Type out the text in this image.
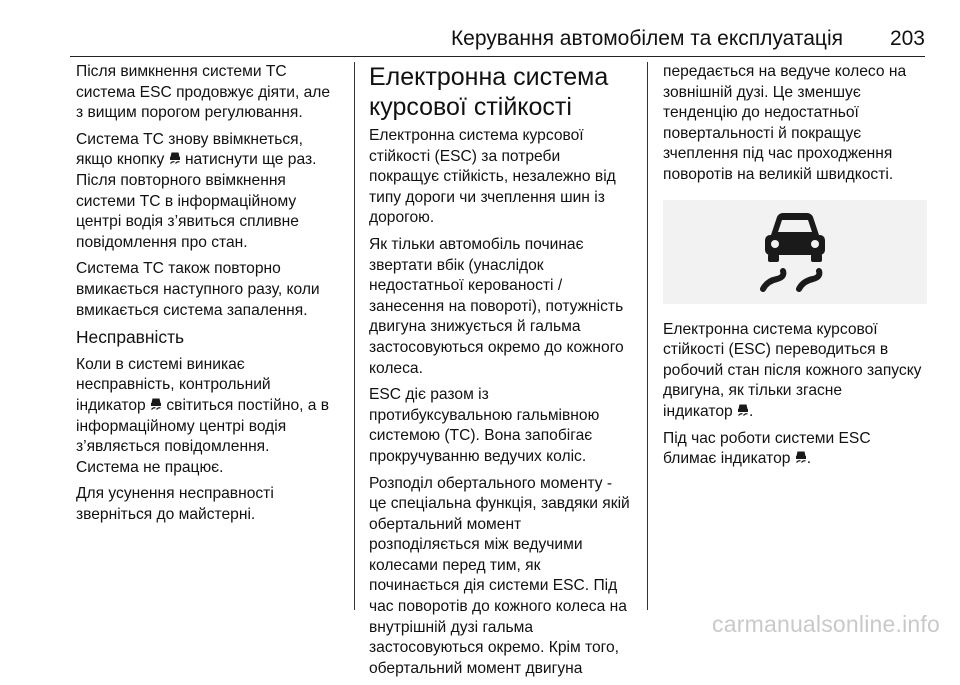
Керування автомобілем та експлуатація 203

Після вимкнення системи ТС
система ESC продовжує діяти, але
з вищим порогом регулювання.

Система ТС знову ввімкнеться,
якщо кнопку  натиснути ще раз.
Після повторного ввімкнення
системи ТС в інформаційному
центрі водія з’явиться спливне
повідомлення про стан.

Система ТС також повторно
вмикається наступного разу, коли
вмикається система запалення.

Несправність

Коли в системі виникає
несправність, контрольний
індикатор  світиться постійно, а в
інформаційному центрі водія
з’являється повідомлення.
Система не працює.

Для усунення несправності
зверніться до майстерні.

Електронна система
курсової стійкості

Електронна система курсової
стійкості (ESC) за потреби
покращує стійкість, незалежно від
типу дороги чи зчеплення шин із
дорогою.

Як тільки автомобіль починає
звертати вбік (унаслідок
недостатньої керованості /
занесення на повороті), потужність
двигуна знижується й гальма
застосовуються окремо до кожного
колеса.

ESC діє разом із
протибуксувальною гальмівною
системою (TC). Вона запобігає
прокручуванню ведучих коліс.

Розподіл обертального моменту -
це спеціальна функція, завдяки якій
обертальний момент
розподіляється між ведучими
колесами перед тим, як
починається дія системи ESC. Під
час поворотів до кожного колеса на
внутрішній дузі гальма
застосовуються окремо. Крім того,
обертальний момент двигуна

передається на ведуче колесо на
зовнішній дузі. Це зменшує
тенденцію до недостатньої
повертальності й покращує
зчеплення під час проходження
поворотів на великій швидкості.

Електронна система курсової
стійкості (ESC) переводиться в
робочий стан після кожного запуску
двигуна, як тільки згасне
індикатор .

Під час роботи системи ESC
блимає індикатор .

carmanualsonline.info
